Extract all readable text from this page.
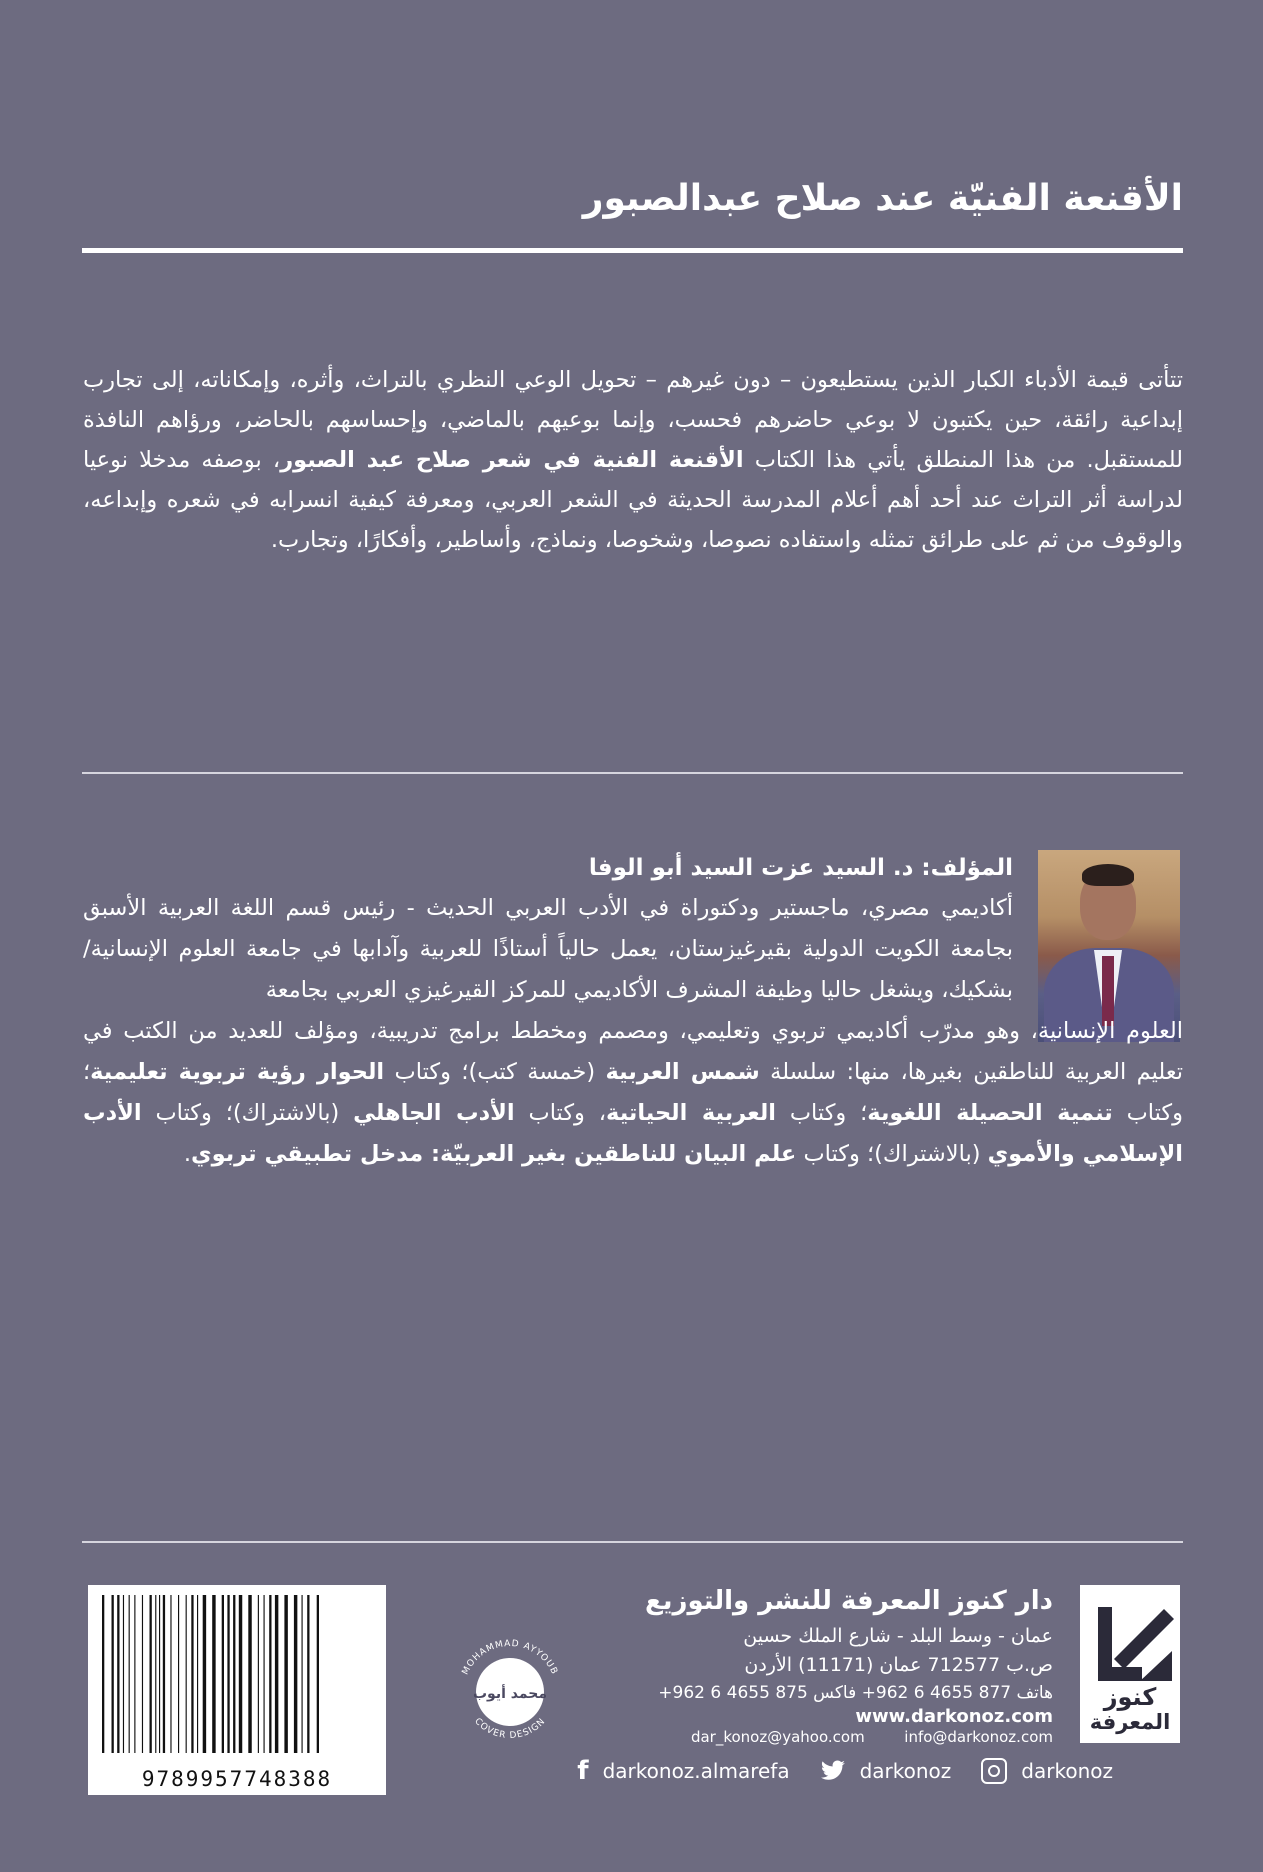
الأقنعة الفنيّة عند صلاح عبدالصبور
تتأتى قيمة الأدباء الكبار الذين يستطيعون – دون غيرهم – تحويل الوعي النظري بالتراث، وأثره، وإمكاناته، إلى تجارب إبداعية رائقة، حين يكتبون لا بوعي حاضرهم فحسب، وإنما بوعيهم بالماضي، وإحساسهم بالحاضر، ورؤاهم النافذة للمستقبل. من هذا المنطلق يأتي هذا الكتاب الأقنعة الفنية في شعر صلاح عبد الصبور، بوصفه مدخلا نوعيا لدراسة أثر التراث عند أحد أهم أعلام المدرسة الحديثة في الشعر العربي، ومعرفة كيفية انسرابه في شعره وإبداعه، والوقوف من ثم على طرائق تمثله واستفاده نصوصا، وشخوصا، ونماذج، وأساطير، وأفكارًا، وتجارب.
المؤلف: د. السيد عزت السيد أبو الوفا
أكاديمي مصري، ماجستير ودكتوراة في الأدب العربي الحديث - رئيس قسم اللغة العربية الأسبق بجامعة الكويت الدولية بقيرغيزستان، يعمل حالياً أستاذًا للعربية وآدابها في جامعة العلوم الإنسانية/ بشكيك، ويشغل حاليا وظيفة المشرف الأكاديمي للمركز القيرغيزي العربي بجامعة
العلوم الإنسانية، وهو مدرّب أكاديمي تربوي وتعليمي، ومصمم ومخطط برامج تدريبية، ومؤلف للعديد من الكتب في تعليم العربية للناطقين بغيرها، منها: سلسلة شمس العربية (خمسة كتب)؛ وكتاب الحوار رؤية تربوية تعليمية؛ وكتاب تنمية الحصيلة اللغوية؛ وكتاب العربية الحياتية، وكتاب الأدب الجاهلي (بالاشتراك)؛ وكتاب الأدب الإسلامي والأموي (بالاشتراك)؛ وكتاب علم البيان للناطقين بغير العربيّة: مدخل تطبيقي تربوي.
9789957748388
محمد أيوب
MOHAMMAD AYYOUB
COVER DESIGN
كنوز
المعرفة
دار كنوز المعرفة للنشر والتوزيع
عمان - وسط البلد - شارع الملك حسين
ص.ب 712577 عمان (11171) الأردن
هاتف 877 4655 6 962+ فاكس 875 4655 6 962+
www.darkonoz.com
dar_konoz@yahoo.com	info@darkonoz.com
f darkonoz.almarefa	darkonoz	darkonoz
